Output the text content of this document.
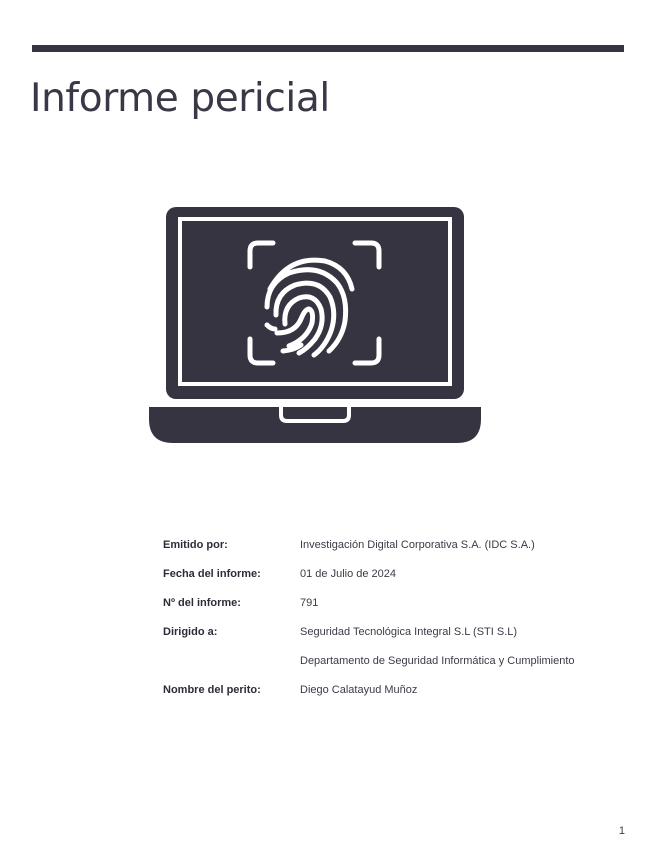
Informe pericial
Emitido por:	Investigación Digital Corporativa S.A. (IDC S.A.)
Fecha del informe:	01 de Julio de 2024
Nº del informe:	791
Dirigido a:	Seguridad Tecnológica Integral S.L (STI S.L)
Departamento de Seguridad Informática y Cumplimiento
Nombre del perito:	Diego Calatayud Muñoz
1
